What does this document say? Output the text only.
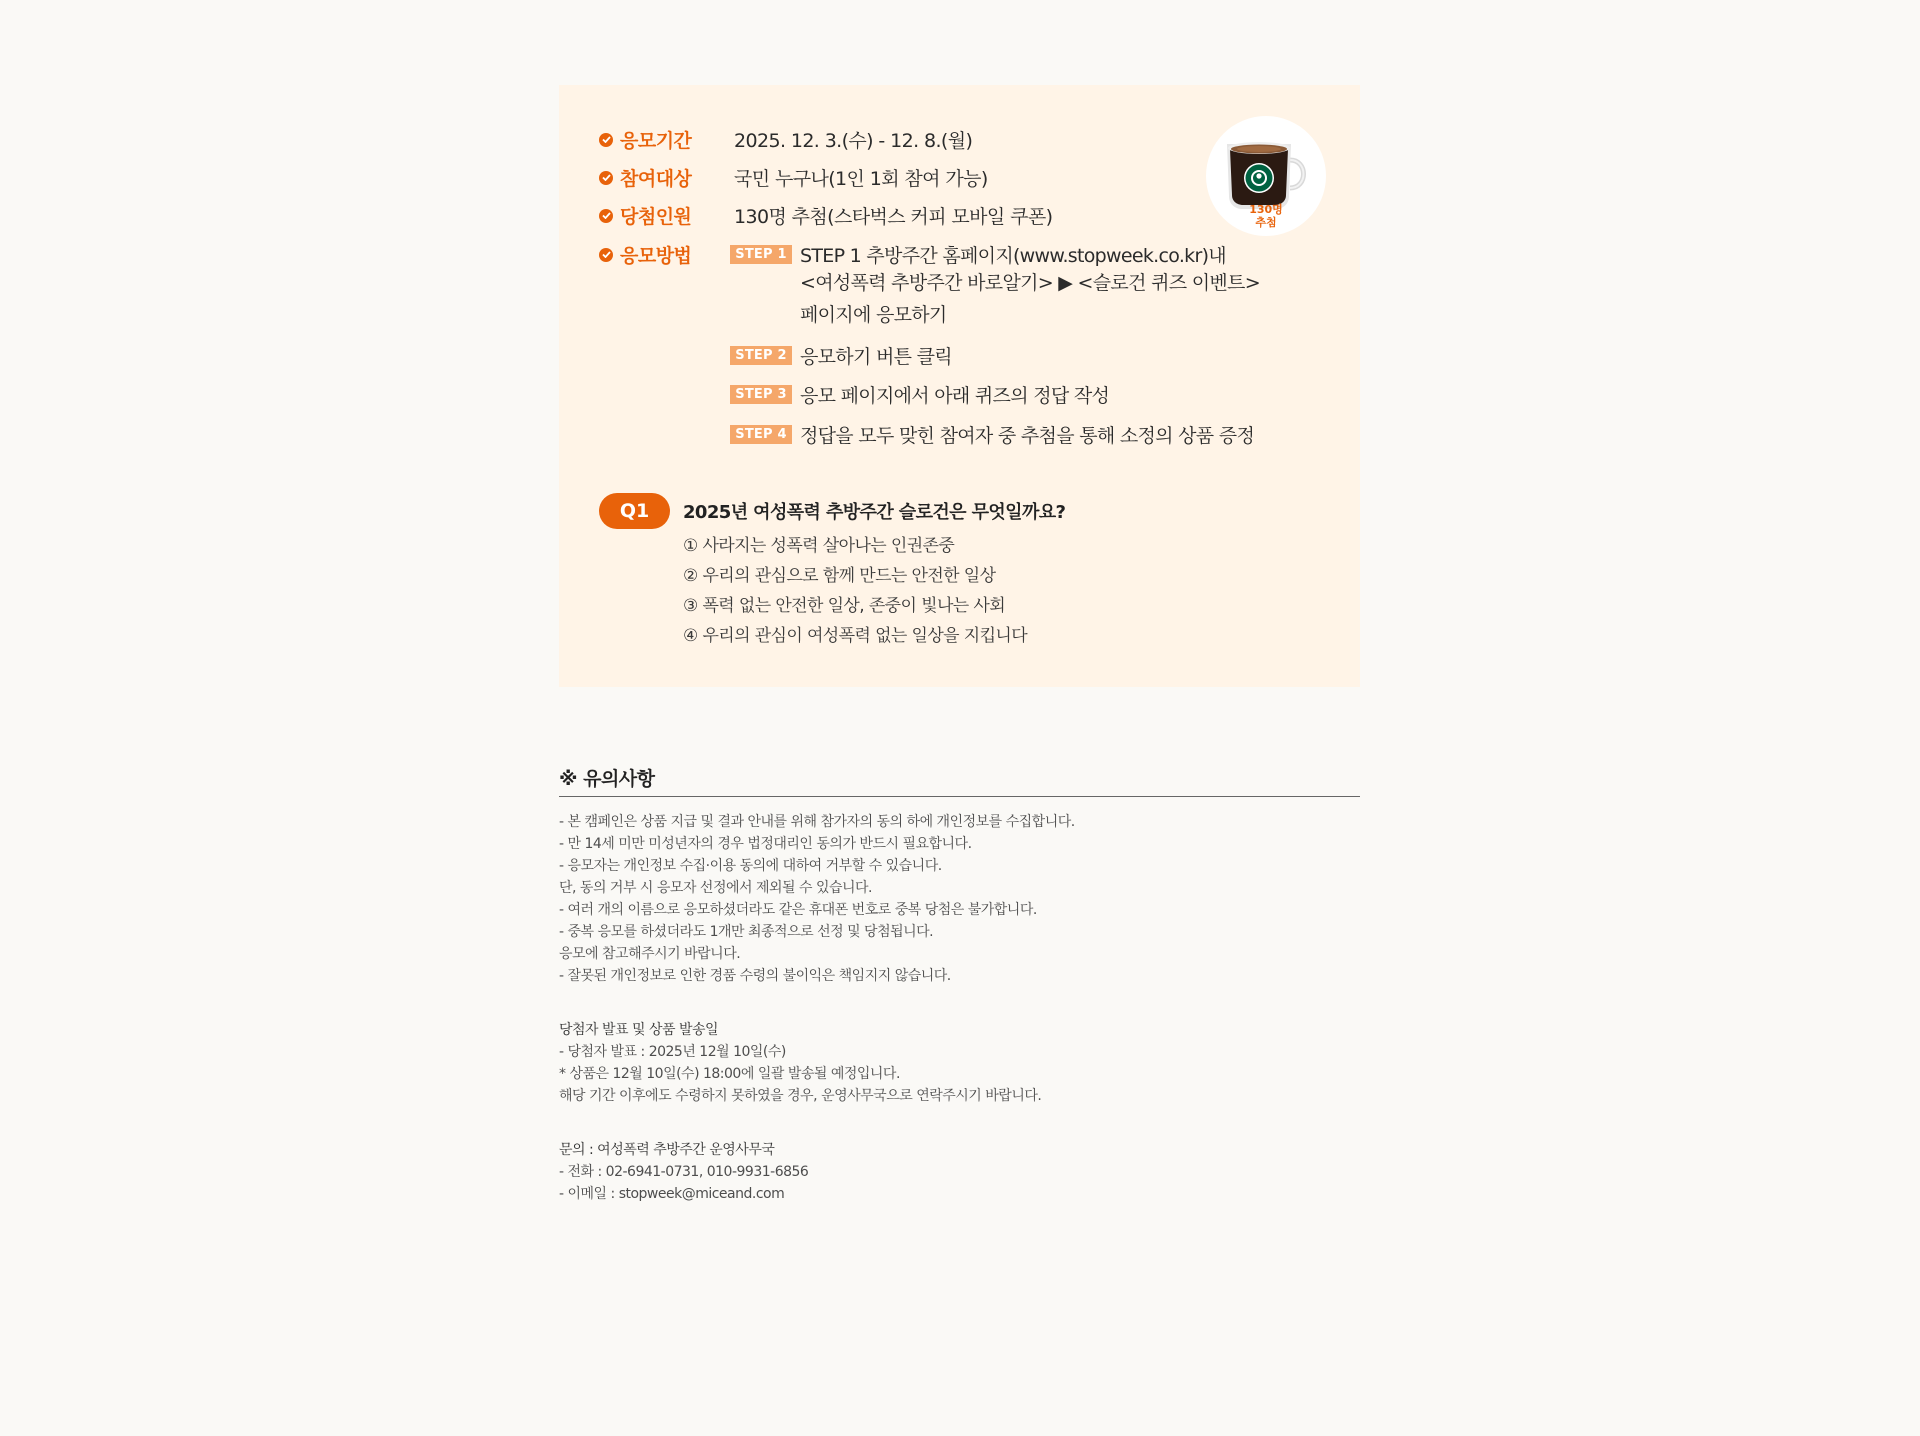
응모기간	2025. 12. 3.(수) - 12. 8.(월)
참여대상	국민 누구나(1인 1회 참여 가능)
당첨인원	130명 추첨(스타벅스 커피 모바일 쿠폰)
응모방법	STEP 1 STEP 1 추방주간 홈페이지(www.stopweek.co.kr)내
<여성폭력 추방주간 바로알기> ▶ <슬로건 퀴즈 이벤트>
페이지에 응모하기
STEP 2 응모하기 버튼 클릭
STEP 3 응모 페이지에서 아래 퀴즈의 정답 작성
STEP 4 정답을 모두 맞힌 참여자 중 추첨을 통해 소정의 상품 증정
130명
추첨
Q1	2025년 여성폭력 추방주간 슬로건은 무엇일까요?
① 사라지는 성폭력 살아나는 인권존중
② 우리의 관심으로 함께 만드는 안전한 일상
③ 폭력 없는 안전한 일상, 존중이 빛나는 사회
④ 우리의 관심이 여성폭력 없는 일상을 지킵니다
※ 유의사항
- 본 캠페인은 상품 지급 및 결과 안내를 위해 참가자의 동의 하에 개인정보를 수집합니다.
- 만 14세 미만 미성년자의 경우 법정대리인 동의가 반드시 필요합니다.
- 응모자는 개인정보 수집·이용 동의에 대하여 거부할 수 있습니다.
단, 동의 거부 시 응모자 선정에서 제외될 수 있습니다.
- 여러 개의 이름으로 응모하셨더라도 같은 휴대폰 번호로 중복 당첨은 불가합니다.
- 중복 응모를 하셨더라도 1개만 최종적으로 선정 및 당첨됩니다.
응모에 참고해주시기 바랍니다.
- 잘못된 개인정보로 인한 경품 수령의 불이익은 책임지지 않습니다.
당첨자 발표 및 상품 발송일
- 당첨자 발표 : 2025년 12월 10일(수)
* 상품은 12월 10일(수) 18:00에 일괄 발송될 예정입니다.
해당 기간 이후에도 수령하지 못하였을 경우, 운영사무국으로 연락주시기 바랍니다.
문의 : 여성폭력 추방주간 운영사무국
- 전화 : 02-6941-0731, 010-9931-6856
- 이메일 : stopweek@miceand.com
